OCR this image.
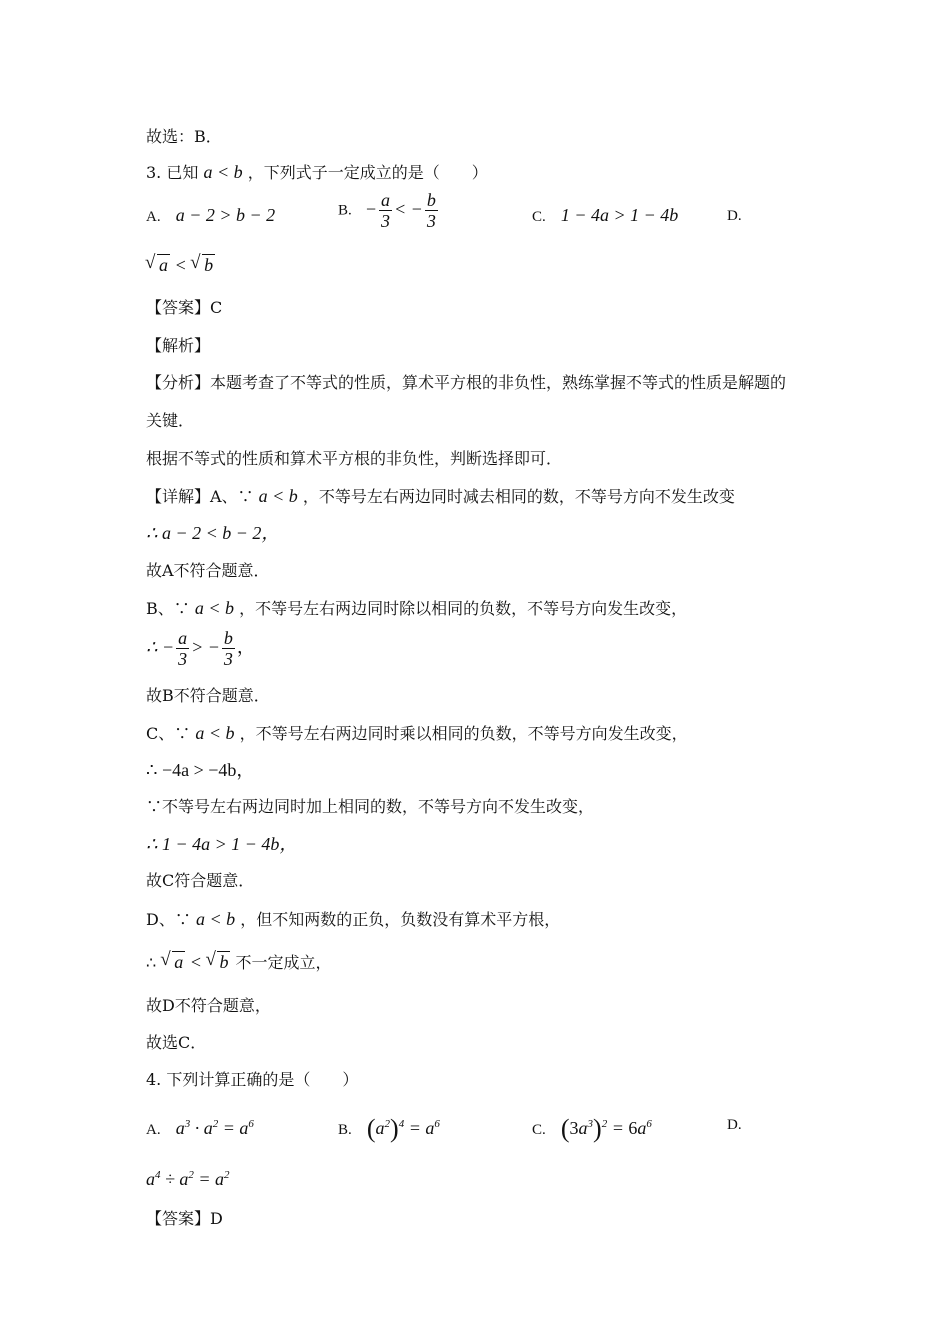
故选：B．
3. 已知 a < b ，下列式子一定成立的是（　　）
A. a − 2 > b − 2	B. − $\frac{a}{3}$ < − $\frac{b}{3}$	C. 1 − 4a > 1 − 4b	D.
√ a < √ b
【答案】C
【解析】
【分析】本题考查了不等式的性质，算术平方根的非负性，熟练掌握不等式的性质是解题的
关键．
根据不等式的性质和算术平方根的非负性，判断选择即可．
【详解】A、∵ a < b ，不等号左右两边同时减去相同的数，不等号方向不发生改变
∴ a − 2 < b − 2，
故A不符合题意．
B、∵ a < b ，不等号左右两边同时除以相同的负数，不等号方向发生改变，
∴ − $\frac{a}{3}$ > − $\frac{b}{3}$ ，
故B不符合题意．
C、∵ a < b ，不等号左右两边同时乘以相同的负数，不等号方向发生改变，
∴ −4a > −4b，
∵不等号左右两边同时加上相同的数，不等号方向不发生改变，
∴ 1 − 4a > 1 − 4b，
故C符合题意．
D、∵ a < b ，但不知两数的正负，负数没有算术平方根，
∴ √ a < √ b 不一定成立，
故D不符合题意，
故选C．
4. 下列计算正确的是（　　）
A. $a^3 \cdot a^2 = a^6$	B. $(a^2)^4 = a^6$	C. $(3a^3)^2 = 6a^6$	D.
$a^4 \div a^2 = a^2$
【答案】D
